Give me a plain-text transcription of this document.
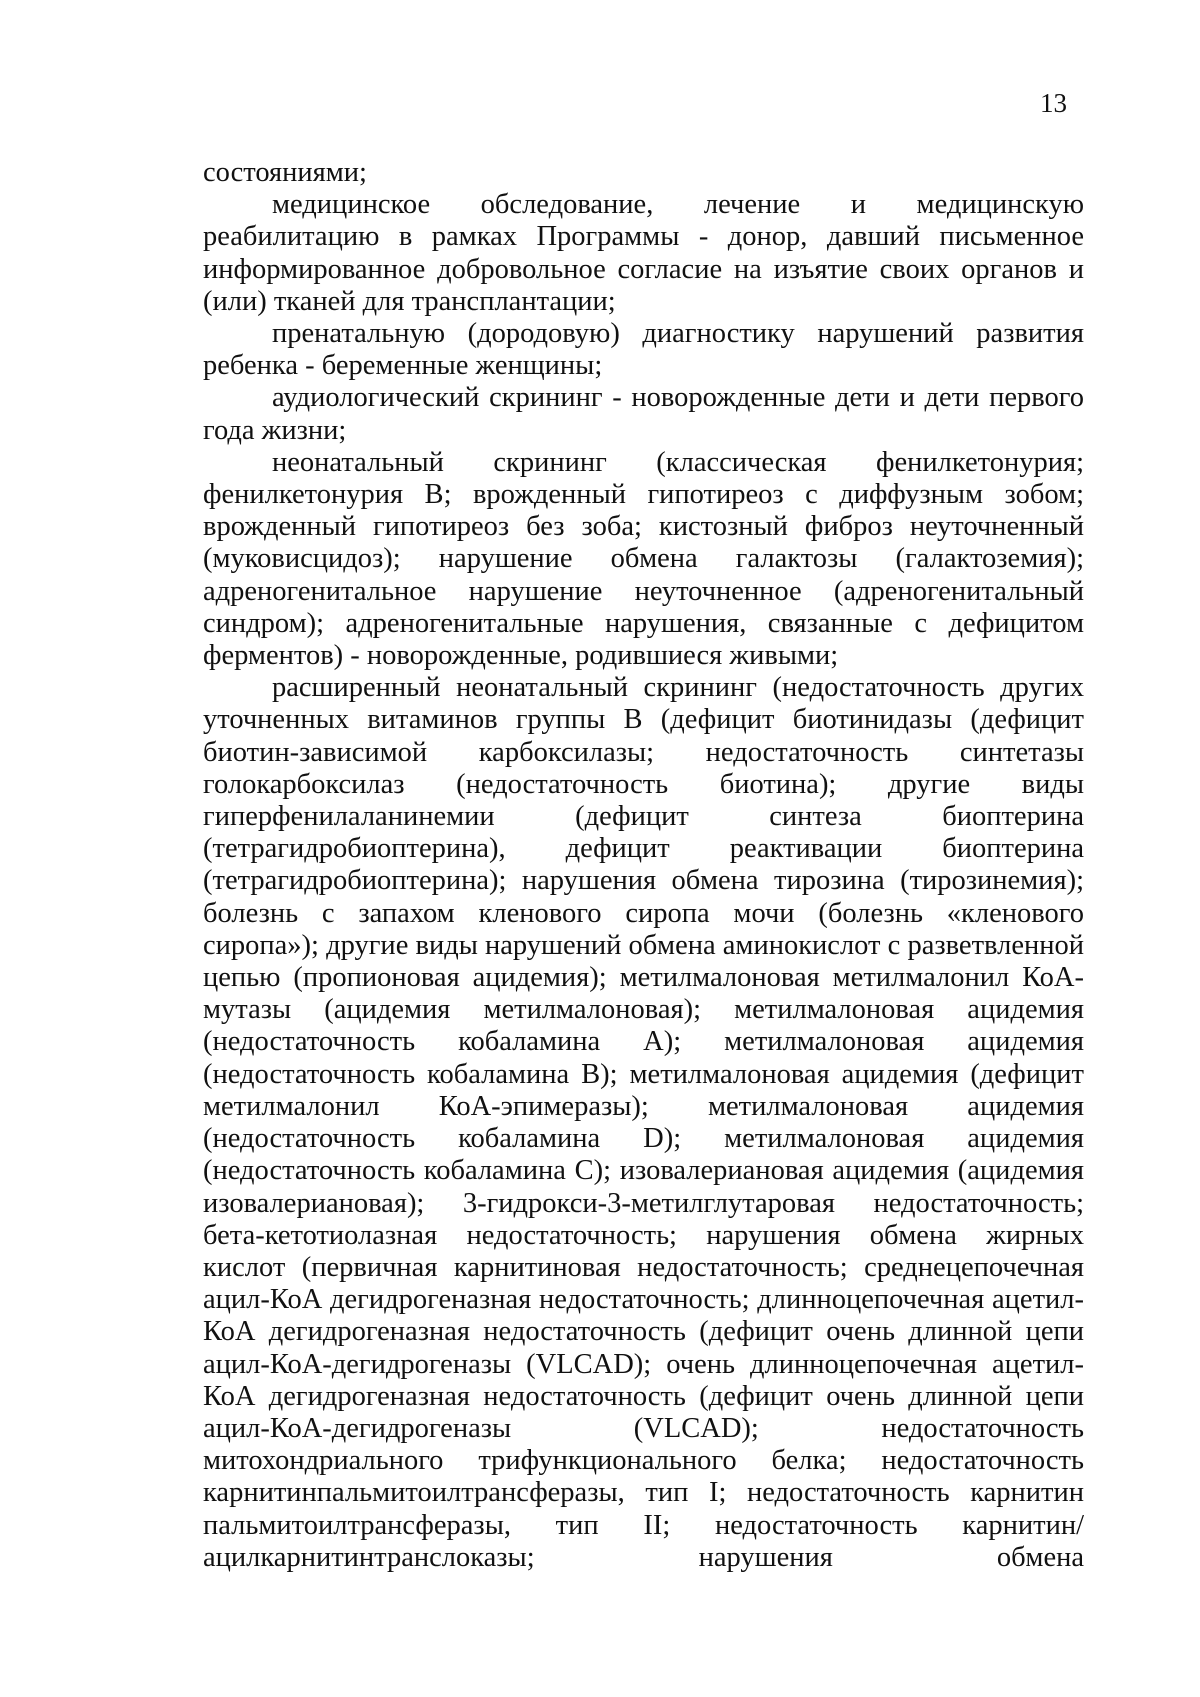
13

состояниями;

медицинское обследование, лечение и медицинскую реабилитацию в рамках Программы - донор, давший письменное информированное добровольное согласие на изъятие своих органов и (или) тканей для трансплантации;

пренатальную (дородовую) диагностику нарушений развития ребенка - беременные женщины;

аудиологический скрининг - новорожденные дети и дети первого года жизни;

неонатальный скрининг (классическая фенилкетонурия; фенилкетонурия В; врожденный гипотиреоз с диффузным зобом; врожденный гипотиреоз без зоба; кистозный фиброз неуточненный (муковисцидоз); нарушение обмена галактозы (галактоземия); адреногенитальное нарушение неуточненное (адреногенитальный синдром); адреногенитальные нарушения, связанные с дефицитом ферментов) - новорожденные, родившиеся живыми;

расширенный неонатальный скрининг (недостаточность других уточненных витаминов группы В (дефицит биотинидазы (дефицит биотин-зависимой карбоксилазы; недостаточность синтетазы голокарбоксилаз (недостаточность биотина); другие виды гиперфенилаланинемии (дефицит синтеза биоптерина (тетрагидробиоптерина), дефицит реактивации биоптерина (тетрагидробиоптерина); нарушения обмена тирозина (тирозинемия); болезнь с запахом кленового сиропа мочи (болезнь «кленового сиропа»); другие виды нарушений обмена аминокислот с разветвленной цепью (пропионовая ацидемия); метилмалоновая метилмалонил КоА-мутазы (ацидемия метилмалоновая); метилмалоновая ацидемия (недостаточность кобаламина А); метилмалоновая ацидемия (недостаточность кобаламина В); метилмалоновая ацидемия (дефицит метилмалонил КоА-эпимеразы); метилмалоновая ацидемия (недостаточность кобаламина D); метилмалоновая ацидемия (недостаточность кобаламина С); изовалериановая ацидемия (ацидемия изовалериановая); 3-гидрокси-3-метилглутаровая недостаточность; бета-кетотиолазная недостаточность; нарушения обмена жирных кислот (первичная карнитиновая недостаточность; среднецепочечная ацил-КоА дегидрогеназная недостаточность; длинноцепочечная ацетил-КоА дегидрогеназная недостаточность (дефицит очень длинной цепи ацил-КоА-дегидрогеназы (VLCAD); очень длинноцепочечная ацетил-КоА дегидрогеназная недостаточность (дефицит очень длинной цепи ацил-КоА-дегидрогеназы (VLCAD); недостаточность митохондриального трифункционального белка; недостаточность карнитинпальмитоилтрансферазы, тип I; недостаточность карнитин пальмитоилтрансферазы, тип II; недостаточность карнитин/ацилкарнитинтранслоказы; нарушения обмена
